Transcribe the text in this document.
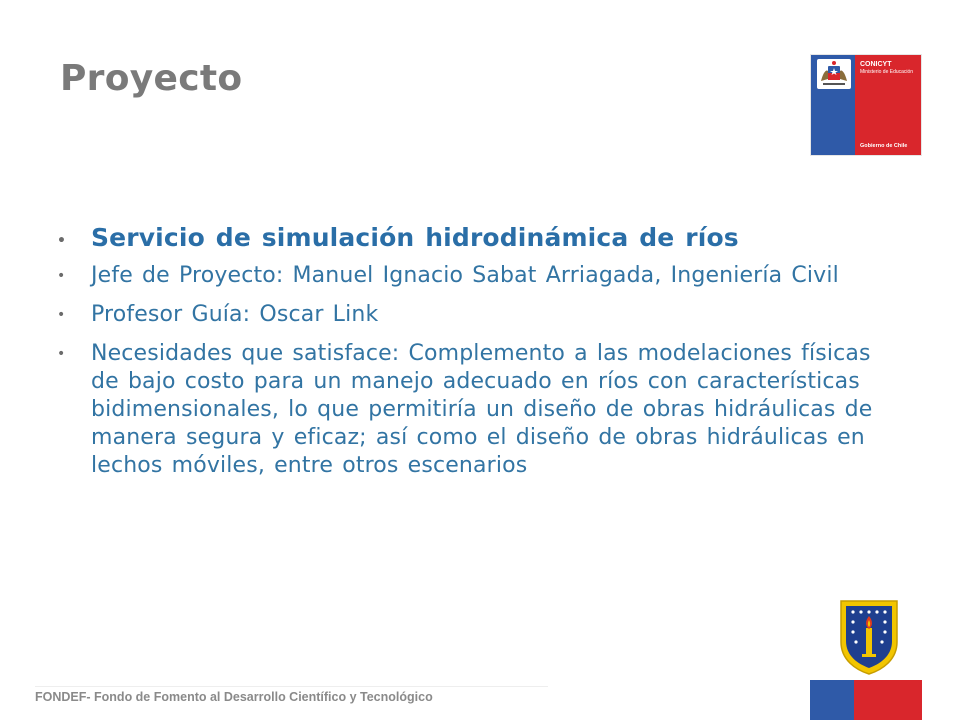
Proyecto	CONICYT
Ministerio de Educación
Gobierno de Chile
• Servicio de simulación hidrodinámica de ríos
• Jefe de Proyecto: Manuel Ignacio Sabat Arriagada, Ingeniería Civil
• Profesor Guía: Oscar Link
• Necesidades que satisface: Complemento a las modelaciones físicas de bajo costo para un manejo adecuado en ríos con características bidimensionales, lo que permitiría un diseño de obras hidráulicas de manera segura y eficaz; así como el diseño de obras hidráulicas en lechos móviles, entre otros escenarios
FONDEF- Fondo de Fomento al Desarrollo Científico y Tecnológico
